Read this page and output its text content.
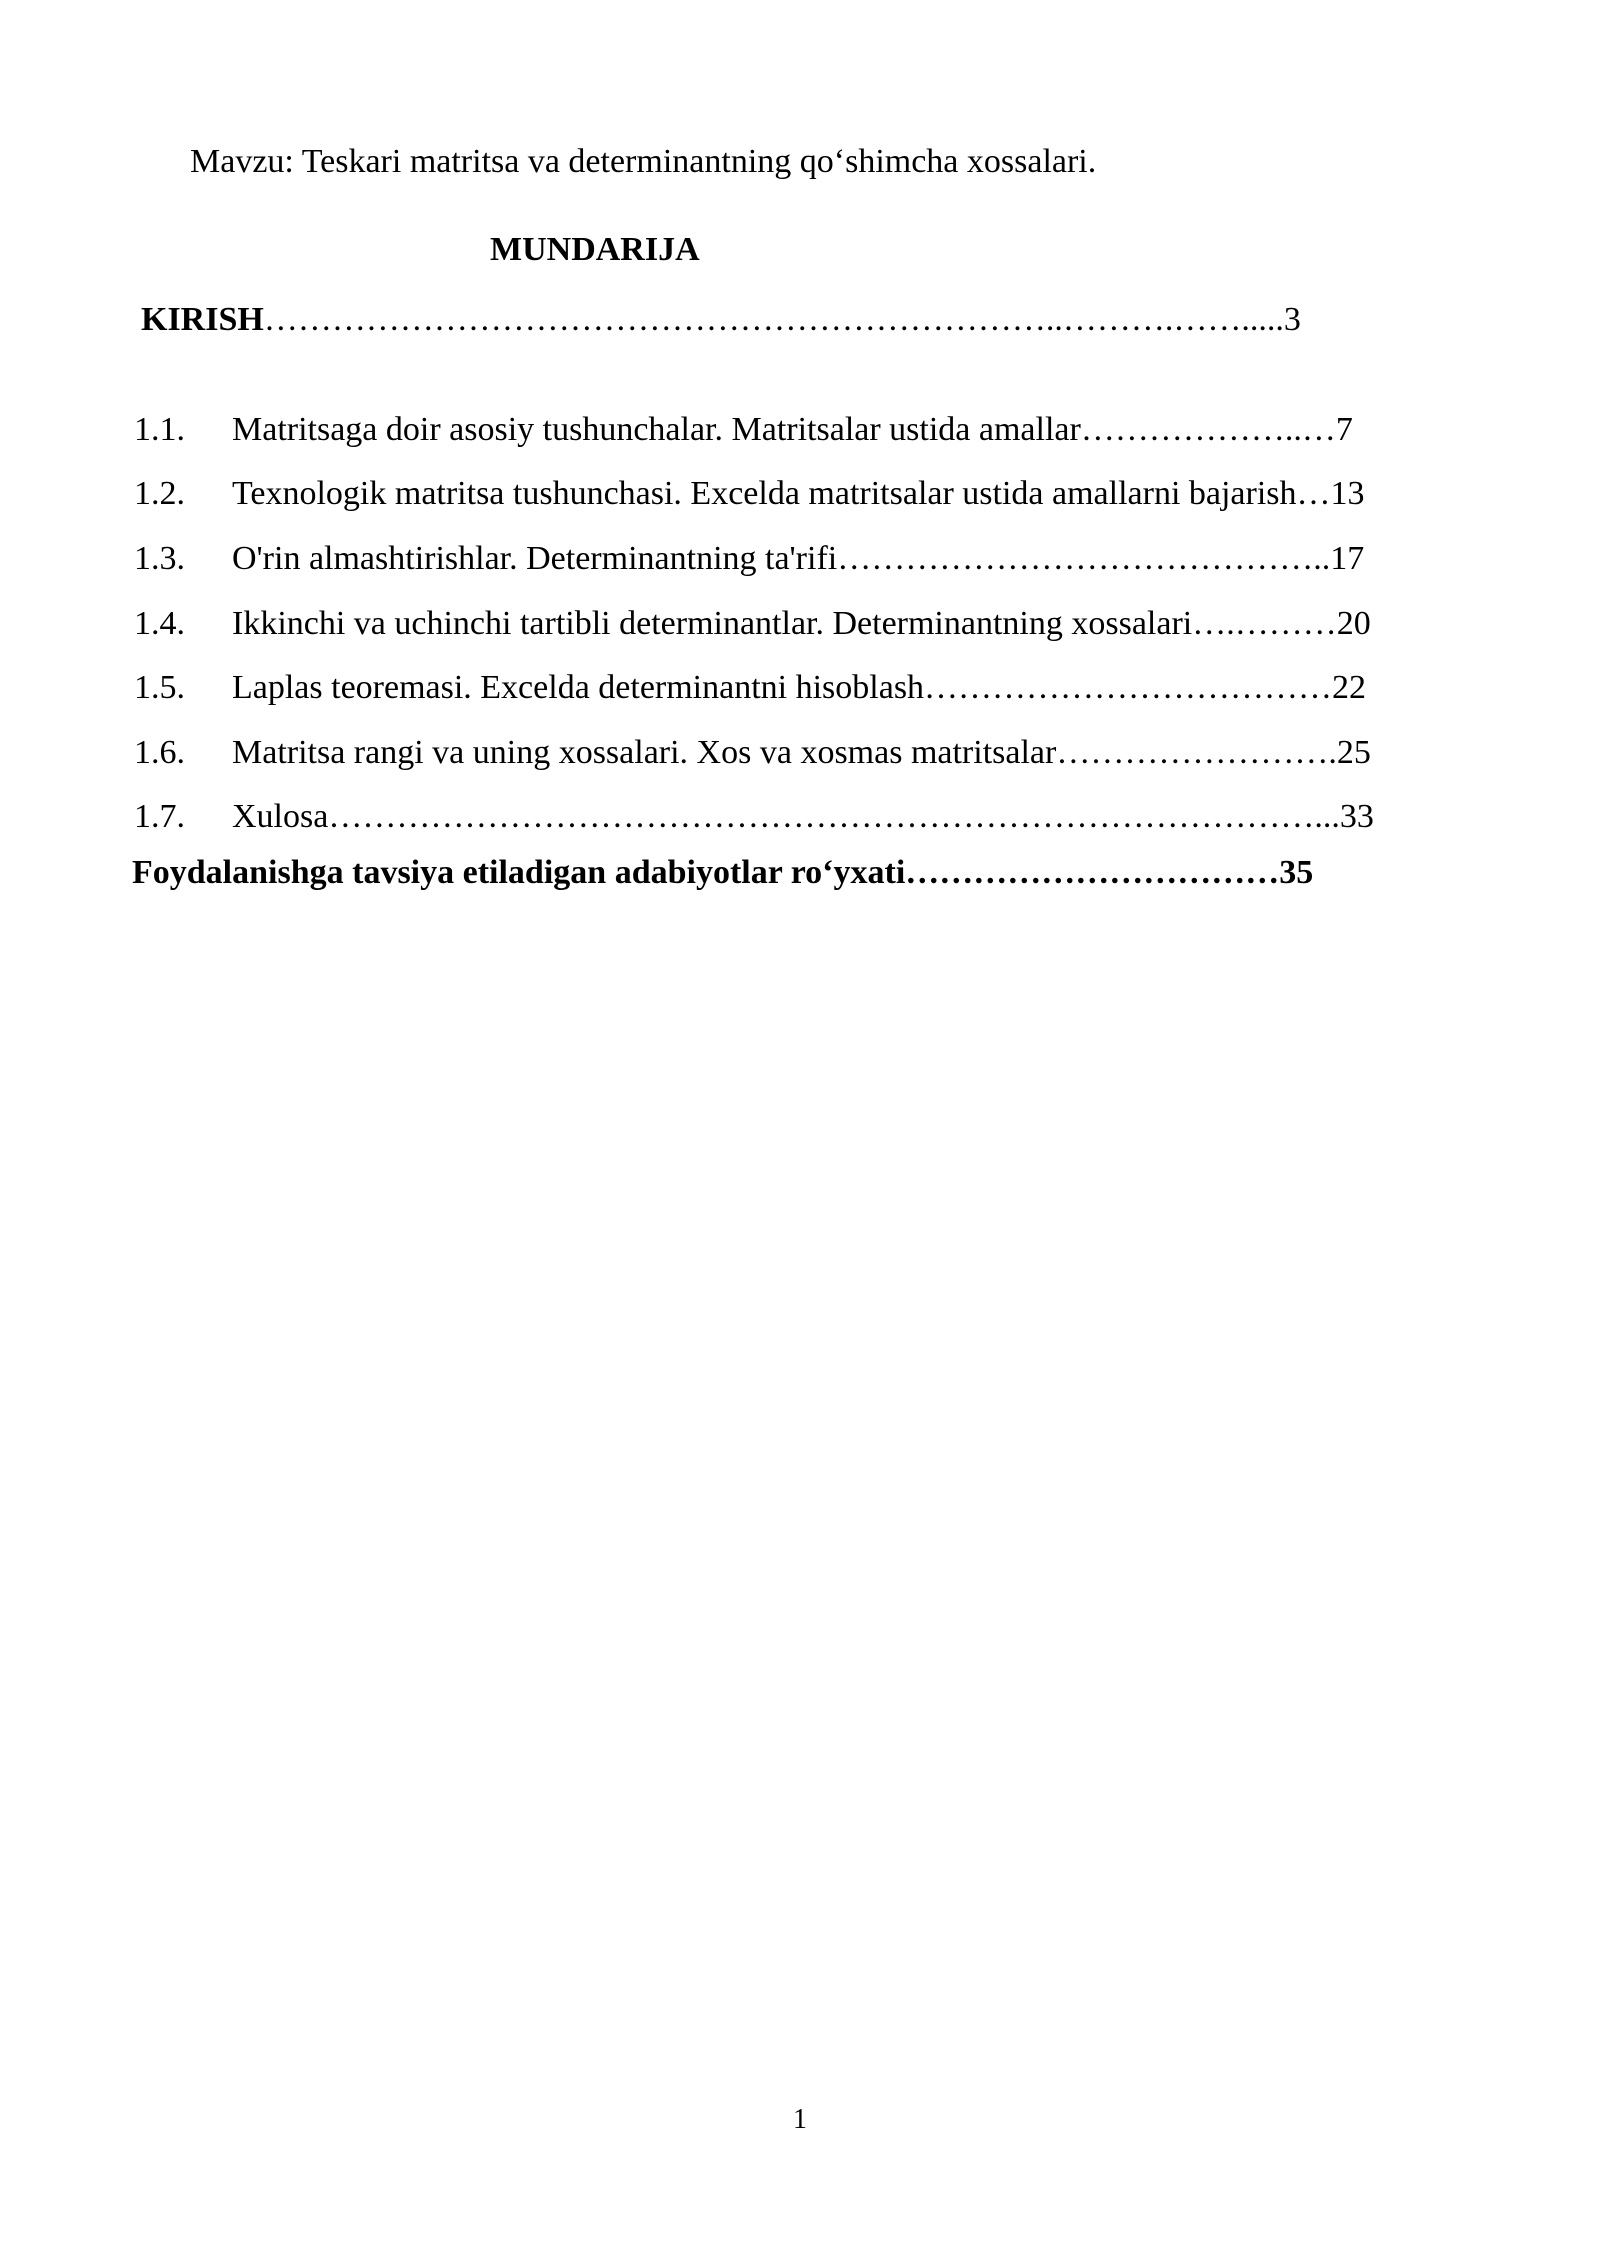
Mavzu: Teskari matritsa va determinantning qo‘shimcha xossalari.
MUNDARIJA
KIRISH……………………………………………………………..……….…….....3
1.1. Matritsaga doir asosiy tushunchalar. Matritsalar ustida amallar………………..…7
1.2. Texnologik matritsa tushunchasi. Excelda matritsalar ustida amallarni bajarish…13
1.3. O'rin almashtirishlar. Determinantning ta'rifi……………………………………..17
1.4. Ikkinchi va uchinchi tartibli determinantlar. Determinantning xossalari….………20
1.5. Laplas teoremasi. Excelda determinantni hisoblash………………………………22
1.6. Matritsa rangi va uning xossalari. Xos va xosmas matritsalar…………………….25
1.7. Xulosa……………………………………………………………………………...33
Foydalanishga tavsiya etiladigan adabiyotlar ro‘yxati……………………………35
1
